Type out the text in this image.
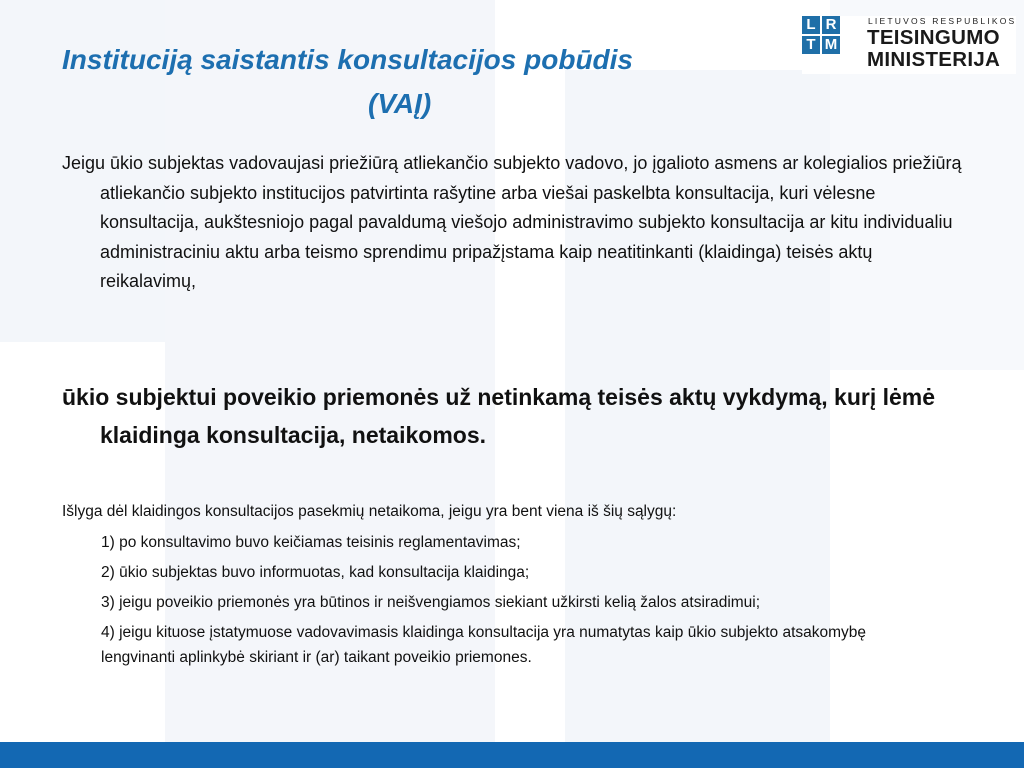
L R
T M
LIETUVOS RESPUBLIKOS
TEISINGUMO
MINISTERIJA
Instituciją saistantis konsultacijos pobūdis
(VAĮ)

Jeigu ūkio subjektas vadovaujasi priežiūrą atliekančio subjekto vadovo, jo įgalioto asmens ar kolegialios priežiūrą atliekančio subjekto institucijos patvirtinta rašytine arba viešai paskelbta konsultacija, kuri vėlesne konsultacija, aukštesniojo pagal pavaldumą viešojo administravimo subjekto konsultacija ar kitu individualiu administraciniu aktu arba teismo sprendimu pripažįstama kaip neatitinkanti (klaidinga) teisės aktų reikalavimų,

ūkio subjektui poveikio priemonės už netinkamą teisės aktų vykdymą, kurį lėmė klaidinga konsultacija, netaikomos.

Išlyga dėl klaidingos konsultacijos pasekmių netaikoma, jeigu yra bent viena iš šių sąlygų:

1) po konsultavimo buvo keičiamas teisinis reglamentavimas;
2) ūkio subjektas buvo informuotas, kad konsultacija klaidinga;
3) jeigu poveikio priemonės yra būtinos ir neišvengiamos siekiant užkirsti kelią žalos atsiradimui;
4) jeigu kituose įstatymuose vadovavimasis klaidinga konsultacija yra numatytas kaip ūkio subjekto atsakomybę lengvinanti aplinkybė skiriant ir (ar) taikant poveikio priemones.
